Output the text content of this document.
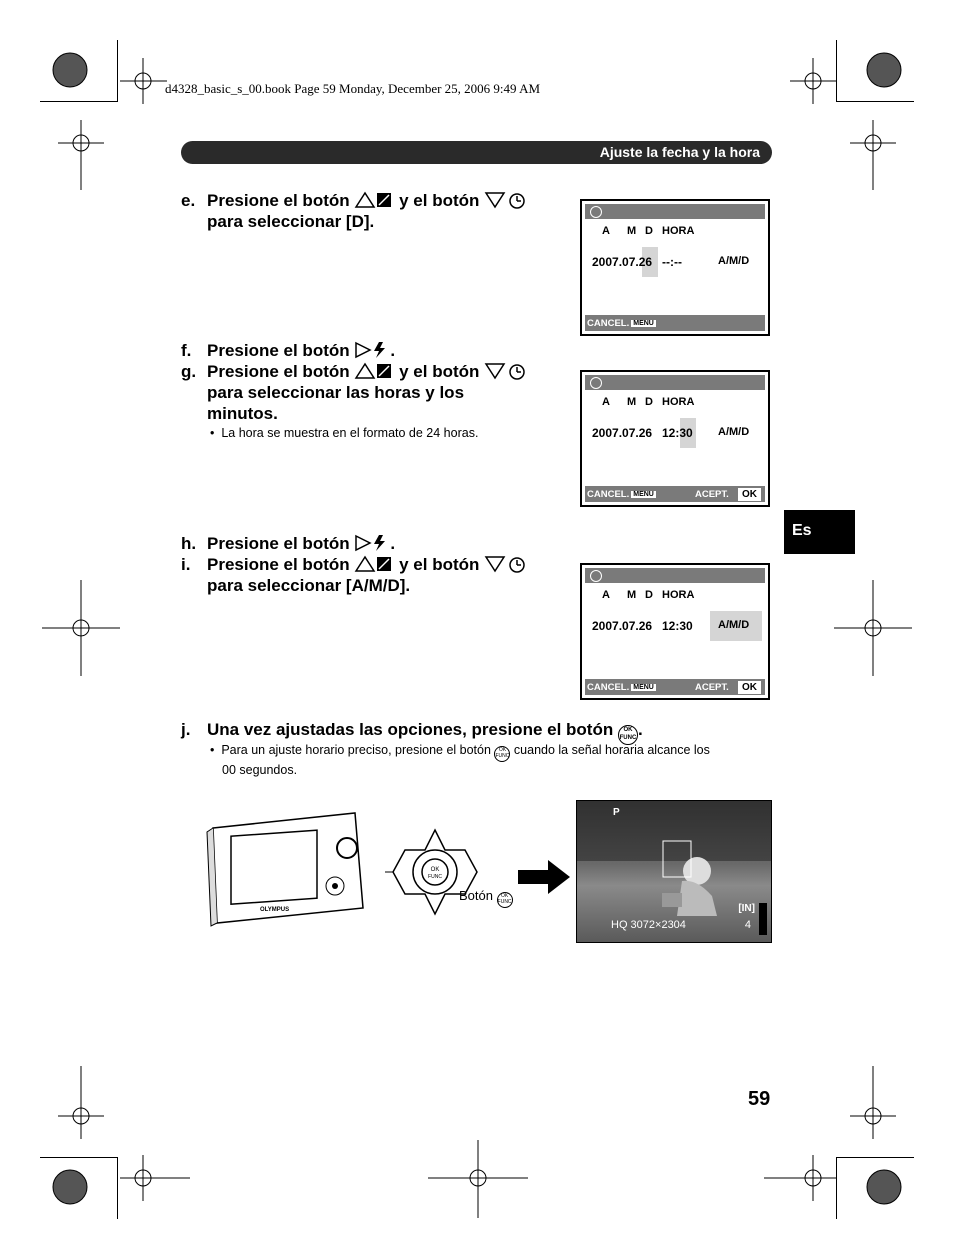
d4328_basic_s_00.book Page 59 Monday, December 25, 2006 9:49 AM
Ajuste la fecha y la hora
e. Presione el botón	y el botón
para seleccionar [D].	A M D HORA
2007.07.26 --:--	A/M/D
CANCEL. MENU
f. Presione el botón .
g. Presione el botón	y el botón
para seleccionar las horas y los
minutos.
•  La hora se muestra en el formato de 24 horas.
A M D HORA
2007.07.26 12:30 A/M/D
CANCEL. MENU	ACEPT.	OK
Es
h. Presione el botón .
i. Presione el botón	y el botón
para seleccionar [A/M/D].	A M D HORA
2007.07.26 12:30 A/M/D
CANCEL. MENU	ACEPT.	OK
j. Una vez ajustadas las opciones, presione el botón OK
FUNC.
•  Para un ajuste horario preciso, presione el botón OK
FUNC cuando la señal horaria alcance los
00 segundos.
OLYMPUS
OK
FUNC
Botón OK
FUNC
P
[IN]
HQ 3072×2304	4
59
